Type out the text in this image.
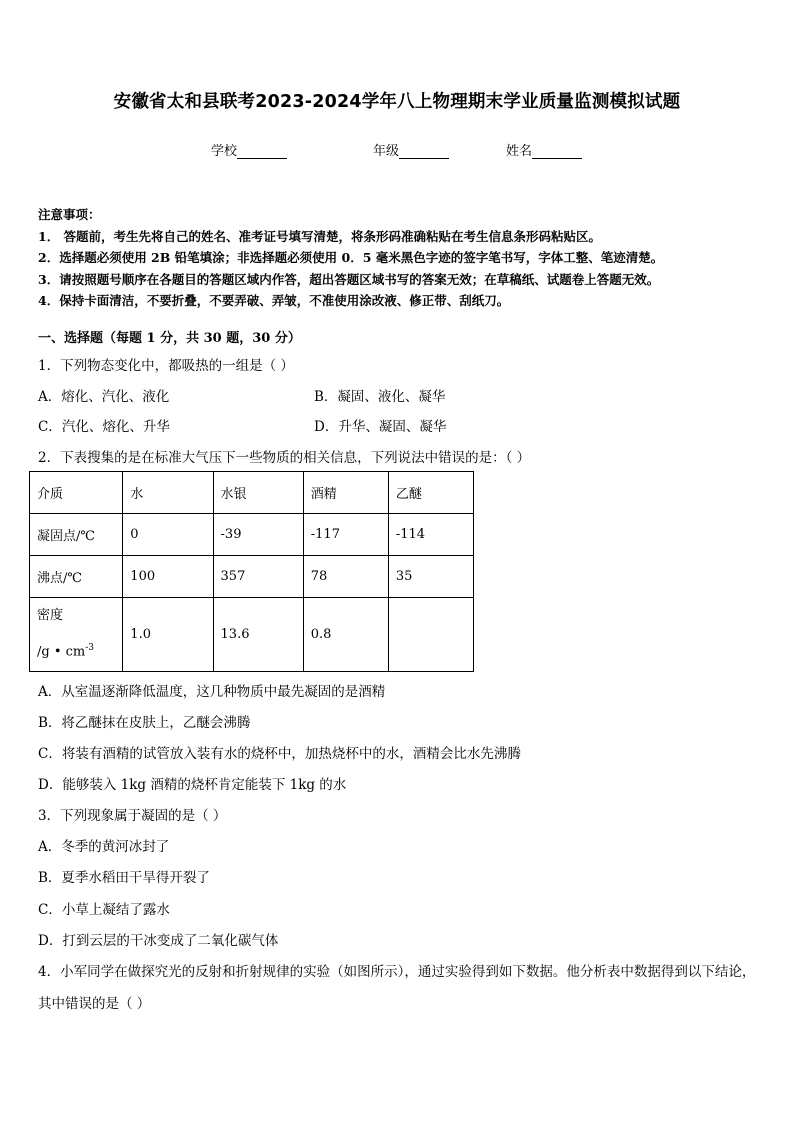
安徽省太和县联考2023-2024学年八上物理期末学业质量监测模拟试题
学校	年级	姓名
注意事项：
1． 答题前，考生先将自己的姓名、准考证号填写清楚，将条形码准确粘贴在考生信息条形码粘贴区。
2．选择题必须使用 2B 铅笔填涂；非选择题必须使用 0．5 毫米黑色字迹的签字笔书写，字体工整、笔迹清楚。
3．请按照题号顺序在各题目的答题区域内作答，超出答题区域书写的答案无效；在草稿纸、试题卷上答题无效。
4．保持卡面清洁，不要折叠，不要弄破、弄皱，不准使用涂改液、修正带、刮纸刀。
一、选择题（每题 1 分，共 30 题，30 分）
1．下列物态变化中，都吸热的一组是（ ）
A．熔化、汽化、液化	B．凝固、液化、凝华
C．汽化、熔化、升华	D．升华、凝固、凝华
2．下表搜集的是在标准大气压下一些物质的相关信息，下列说法中错误的是：（ ）
介质	水	水银	酒精	乙醚
凝固点/℃	0	-39	-117	-114
沸点/℃	100	357	78	35

密度
/g • $cm^{-3}$	1.0	13.6	0.8	
A．从室温逐渐降低温度，这几种物质中最先凝固的是酒精
B．将乙醚抹在皮肤上，乙醚会沸腾
C．将装有酒精的试管放入装有水的烧杯中，加热烧杯中的水，酒精会比水先沸腾
D．能够装入 1kg 酒精的烧杯肯定能装下 1kg 的水
3．下列现象属于凝固的是（ ）
A．冬季的黄河冰封了
B．夏季水稻田干旱得开裂了
C．小草上凝结了露水
D．打到云层的干冰变成了二氧化碳气体
4．小军同学在做探究光的反射和折射规律的实验（如图所示），通过实验得到如下数据。他分析表中数据得到以下结论，其中错误的是（ ）
